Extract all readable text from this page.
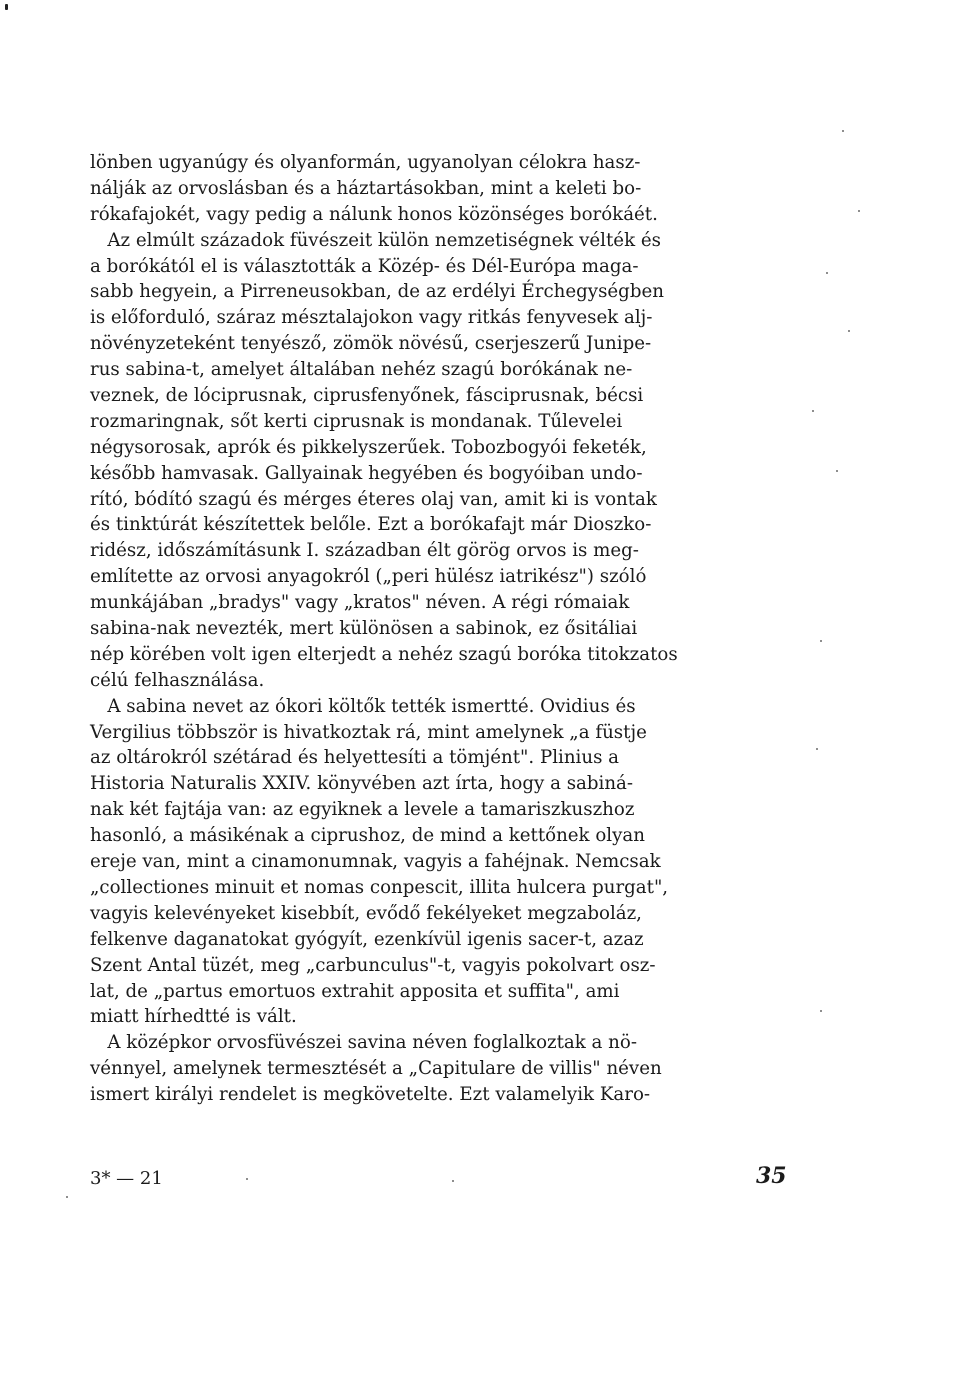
lönben ugyanúgy és olyanformán, ugyanolyan célokra hasz-
nálják az orvoslásban és a háztartásokban, mint a keleti bo-
rókafajokét, vagy pedig a nálunk honos közönséges borókáét.
Az elmúlt századok füvészeit külön nemzetiségnek vélték és
a borókától el is választották a Közép- és Dél-Európa maga-
sabb hegyein, a Pirreneusokban, de az erdélyi Érchegységben
is előforduló, száraz mésztalajokon vagy ritkás fenyvesek alj-
növényzeteként tenyésző, zömök növésű, cserjeszerű Junipe-
rus sabina-t, amelyet általában nehéz szagú borókának ne-
veznek, de lóciprusnak, ciprusfenyőnek, fásciprusnak, bécsi
rozmaringnak, sőt kerti ciprusnak is mondanak. Tűlevelei
négysorosak, aprók és pikkelyszerűek. Tobozbogyói feketék,
később hamvasak. Gallyainak hegyében és bogyóiban undo-
rító, bódító szagú és mérges éteres olaj van, amit ki is vontak
és tinktúrát készítettek belőle. Ezt a borókafajt már Dioszko-
ridész, időszámításunk I. században élt görög orvos is meg-
említette az orvosi anyagokról („peri hülész iatrikész") szóló
munkájában „bradys" vagy „kratos" néven. A régi rómaiak
sabina-nak nevezték, mert különösen a sabinok, ez ősitáliai
nép körében volt igen elterjedt a nehéz szagú boróka titokzatos
célú felhasználása.
A sabina nevet az ókori költők tették ismertté. Ovidius és
Vergilius többször is hivatkoztak rá, mint amelynek „a füstje
az oltárokról szétárad és helyettesíti a tömjént". Plinius a
Historia Naturalis XXIV. könyvében azt írta, hogy a sabiná-
nak két fajtája van: az egyiknek a levele a tamariszkuszhoz
hasonló, a másikénak a ciprushoz, de mind a kettőnek olyan
ereje van, mint a cinamonumnak, vagyis a fahéjnak. Nemcsak
„collectiones minuit et nomas conpescit, illita hulcera purgat",
vagyis kelevényeket kisebbít, evődő fekélyeket megzaboláz,
felkenve daganatokat gyógyít, ezenkívül igenis sacer-t, azaz
Szent Antal tüzét, meg „carbunculus"-t, vagyis pokolvart osz-
lat, de „partus emortuos extrahit apposita et suffita", ami
miatt hírhedtté is vált.
A középkor orvosfüvészei savina néven foglalkoztak a nö-
vénnyel, amelynek termesztését a „Capitulare de villis" néven
ismert királyi rendelet is megkövetelte. Ezt valamelyik Karo-
3* — 21	35
